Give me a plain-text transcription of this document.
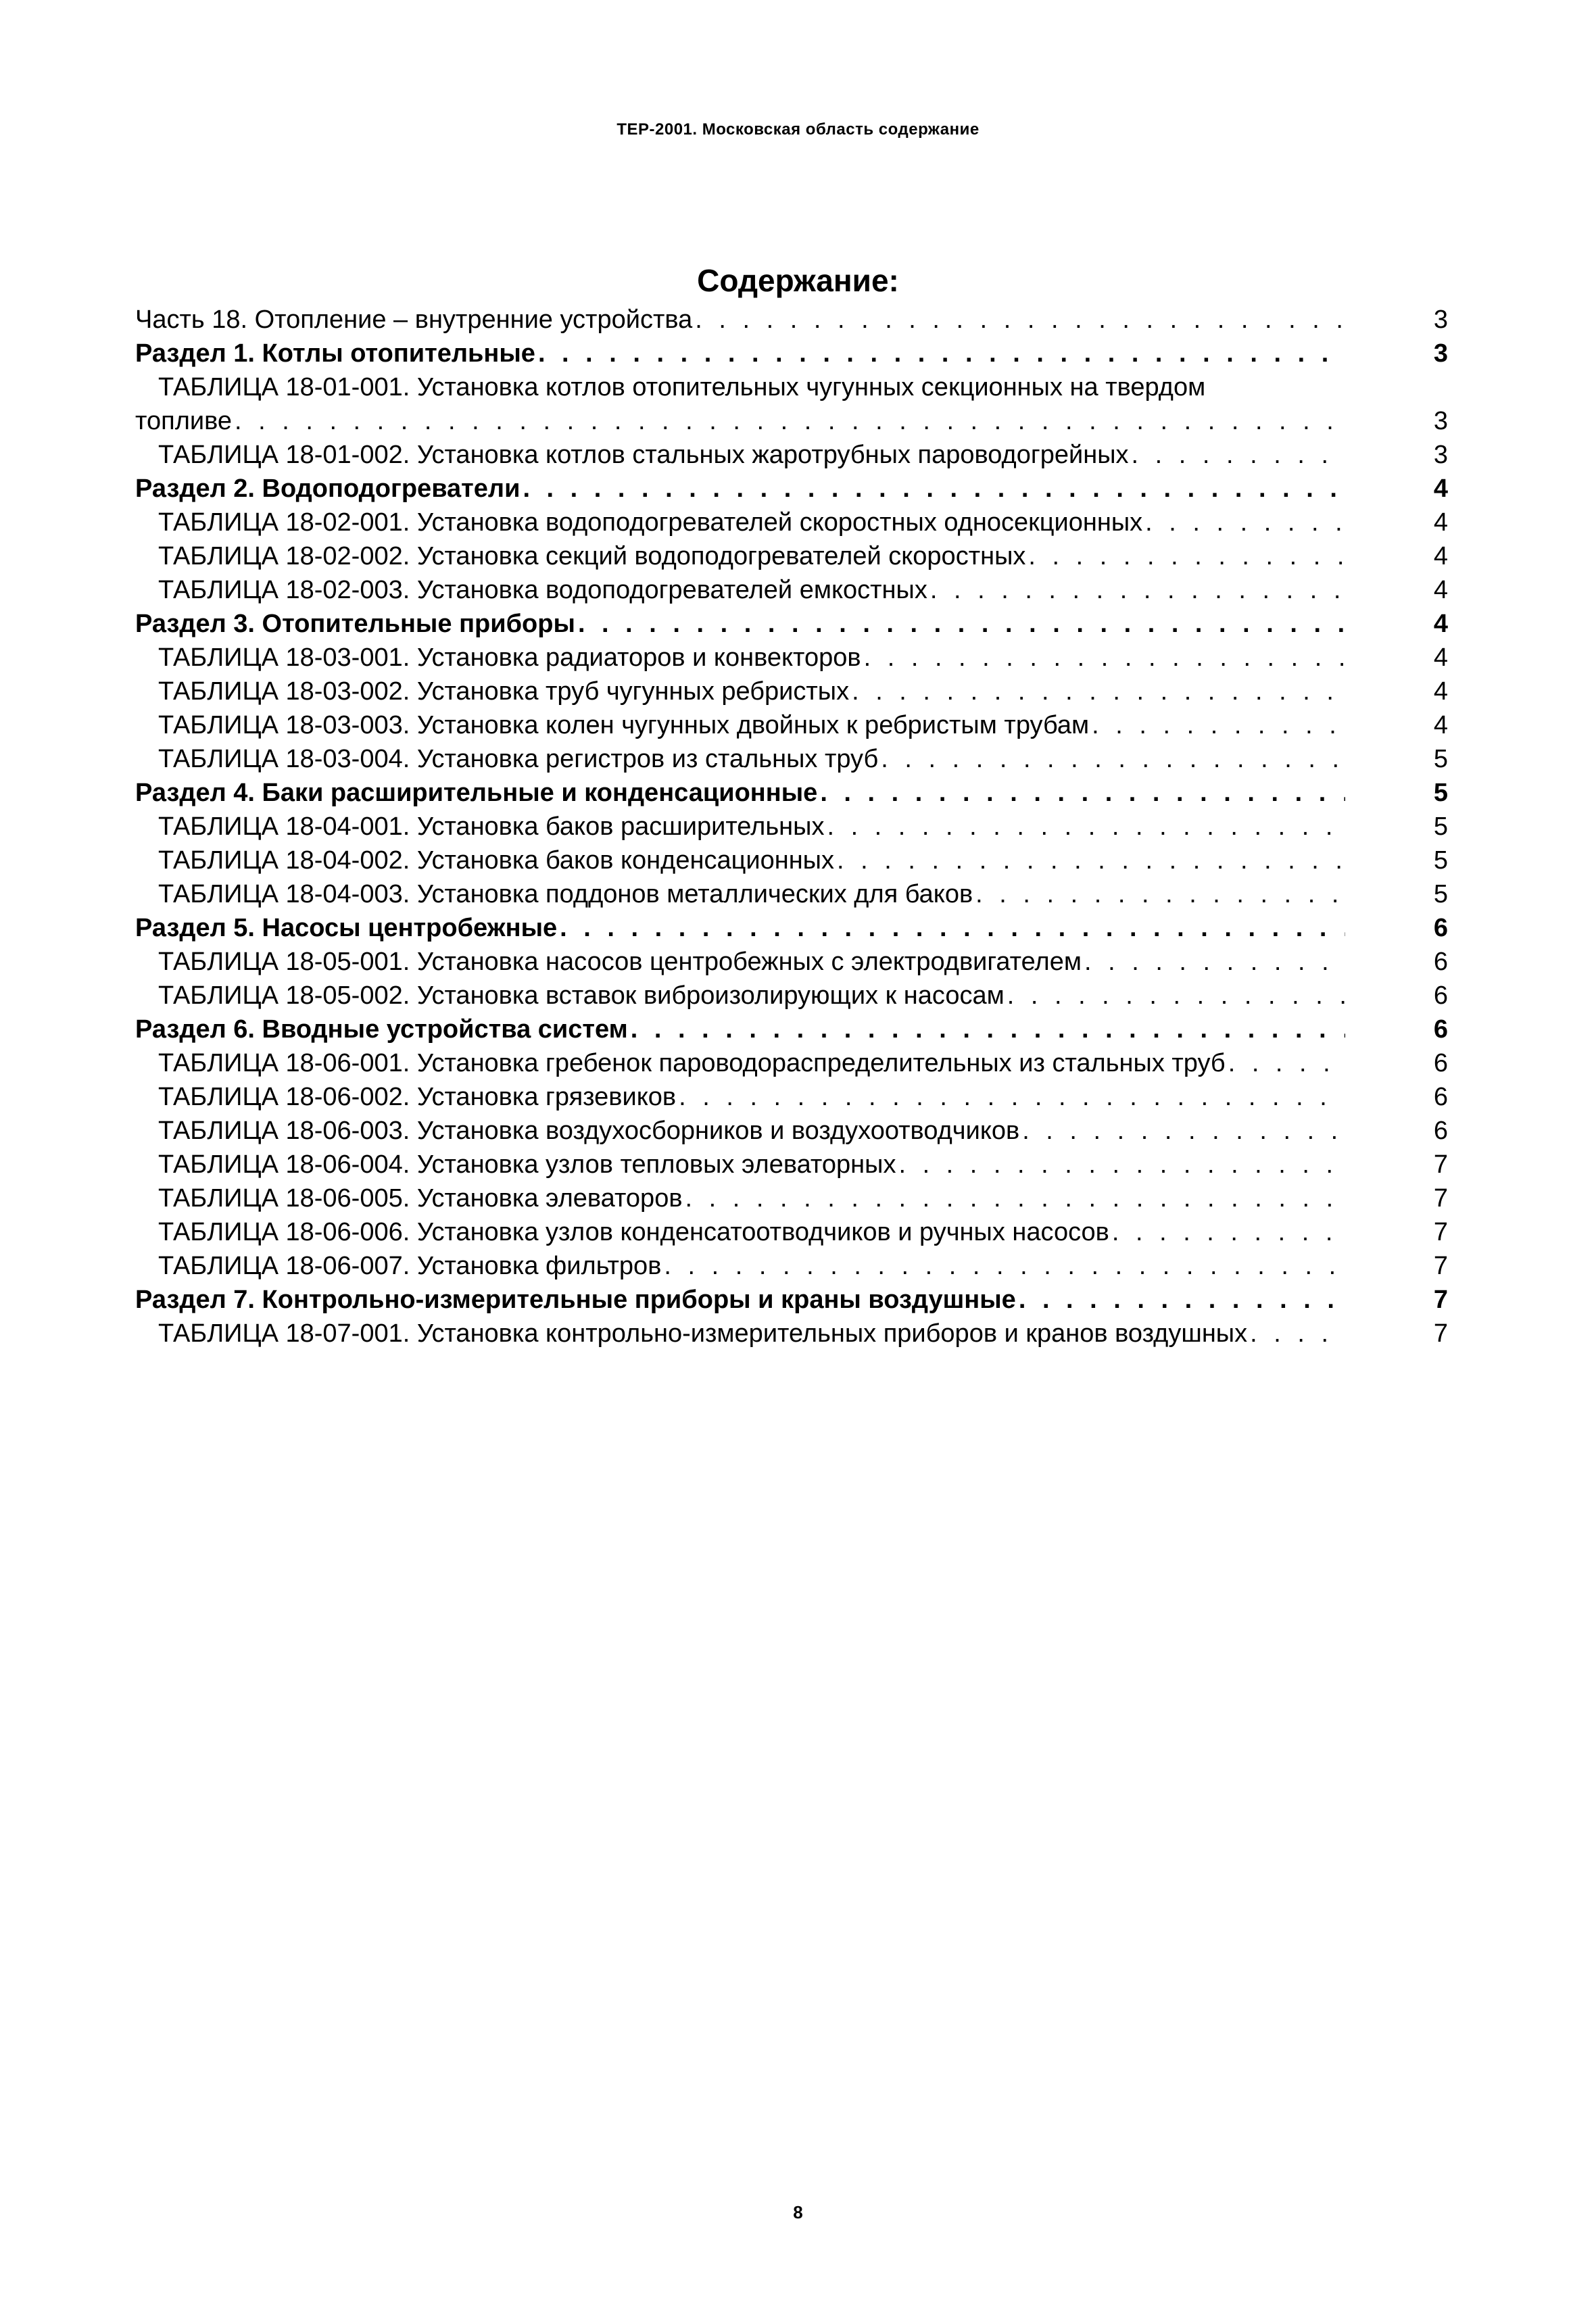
ТЕР-2001. Московская область содержание
Содержание:
Часть 18. Отопление – внутренние устройства . . .	3
Раздел 1. Котлы отопительные . . .	3
ТАБЛИЦА 18-01-001. Установка котлов отопительных чугунных секционных на твердом
топливе . . .	3
ТАБЛИЦА 18-01-002. Установка котлов стальных жаротрубных пароводогрейных . . .	3
Раздел 2. Водоподогреватели . . .	4
ТАБЛИЦА 18-02-001. Установка водоподогревателей скоростных односекционных . . .	4
ТАБЛИЦА 18-02-002. Установка секций водоподогревателей скоростных . . .	4
ТАБЛИЦА 18-02-003. Установка водоподогревателей емкостных . . .	4
Раздел 3. Отопительные приборы . . .	4
ТАБЛИЦА 18-03-001. Установка радиаторов и конвекторов . . .	4
ТАБЛИЦА 18-03-002. Установка труб чугунных ребристых . . .	4
ТАБЛИЦА 18-03-003. Установка колен чугунных двойных к ребристым трубам . . .	4
ТАБЛИЦА 18-03-004. Установка регистров из стальных труб . . .	5
Раздел 4. Баки расширительные и конденсационные . . .	5
ТАБЛИЦА 18-04-001. Установка баков расширительных . . .	5
ТАБЛИЦА 18-04-002. Установка баков конденсационных . . .	5
ТАБЛИЦА 18-04-003. Установка поддонов металлических для баков . . .	5
Раздел 5. Насосы центробежные . . .	6
ТАБЛИЦА 18-05-001. Установка насосов центробежных с электродвигателем . . .	6
ТАБЛИЦА 18-05-002. Установка вставок виброизолирующих к насосам . . .	6
Раздел 6. Вводные устройства систем . . .	6
ТАБЛИЦА 18-06-001. Установка гребенок пароводораспределительных из стальных труб . . .	6
ТАБЛИЦА 18-06-002. Установка грязевиков . . .	6
ТАБЛИЦА 18-06-003. Установка воздухосборников и воздухоотводчиков . . .	6
ТАБЛИЦА 18-06-004. Установка узлов тепловых элеваторных . . .	7
ТАБЛИЦА 18-06-005. Установка элеваторов . . .	7
ТАБЛИЦА 18-06-006. Установка узлов конденсатоотводчиков и ручных насосов . . .	7
ТАБЛИЦА 18-06-007. Установка фильтров . . .	7
Раздел 7. Контрольно-измерительные приборы и краны воздушные . . .	7
ТАБЛИЦА 18-07-001. Установка контрольно-измерительных приборов и кранов воздушных . . .	7
8
